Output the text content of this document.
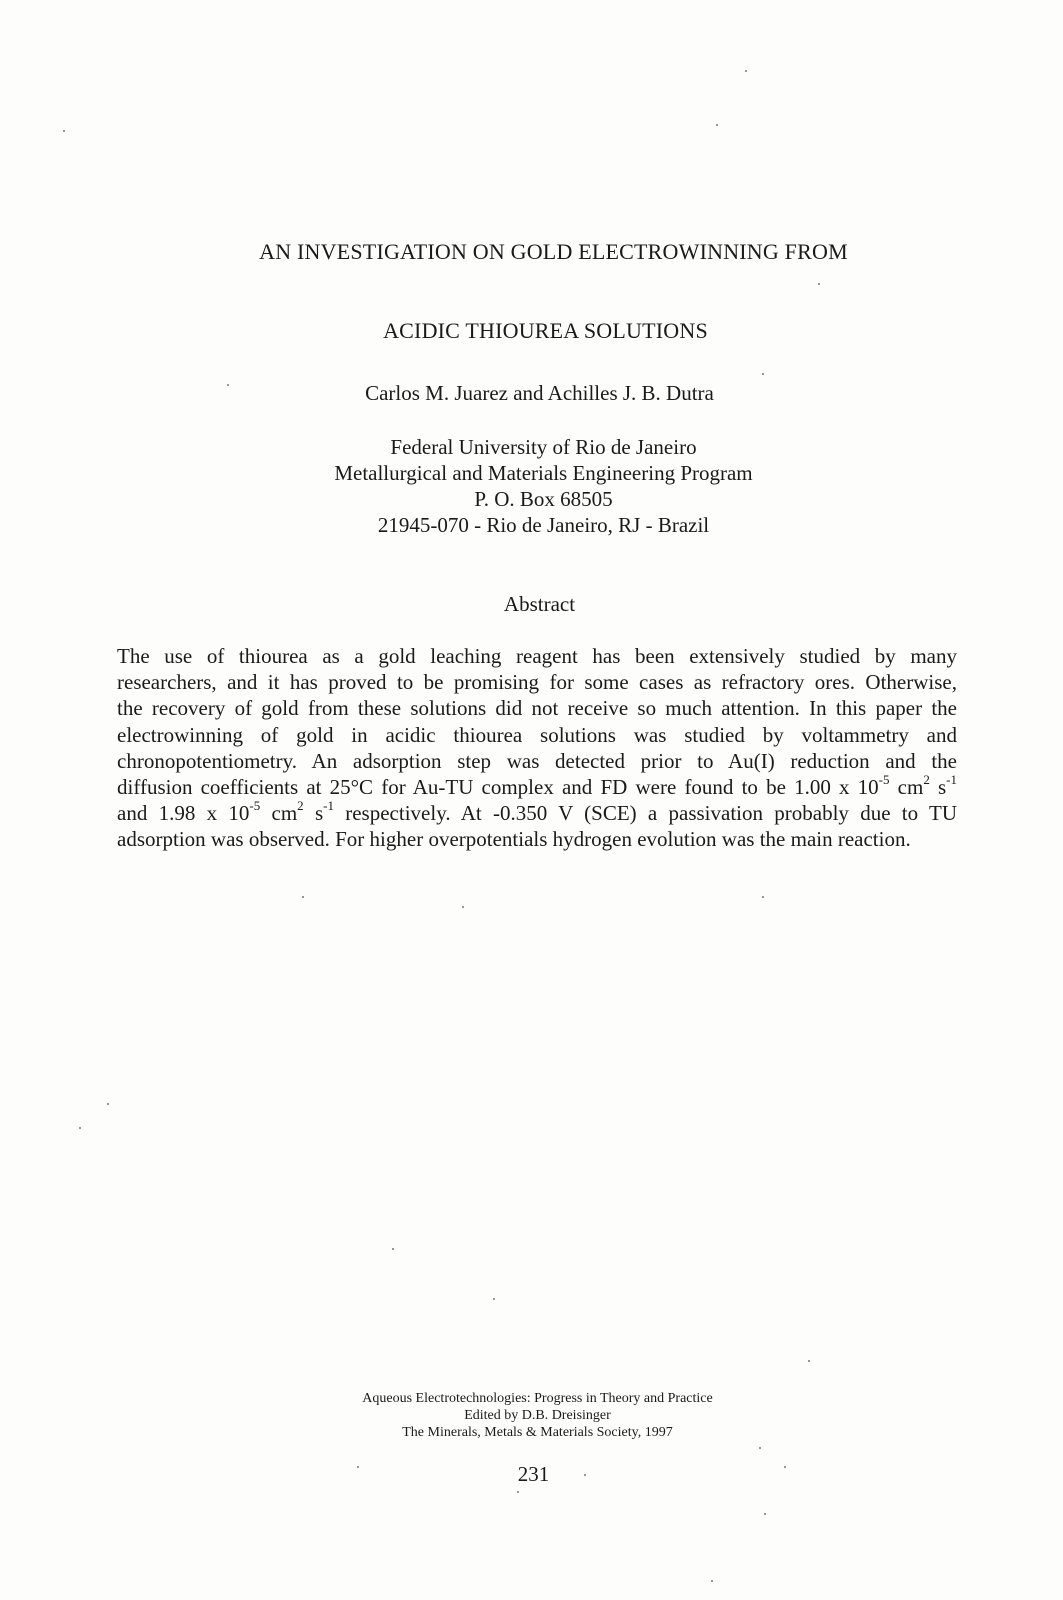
AN INVESTIGATION ON GOLD ELECTROWINNING FROM
ACIDIC THIOUREA SOLUTIONS
Carlos M. Juarez and Achilles J. B. Dutra
Federal University of Rio de Janeiro
Metallurgical and Materials Engineering Program
P. O. Box 68505
21945-070 - Rio de Janeiro, RJ - Brazil
Abstract
The use of thiourea as a gold leaching reagent has been extensively studied by many
researchers, and it has proved to be promising for some cases as refractory ores. Otherwise,
the recovery of gold from these solutions did not receive so much attention. In this paper the
electrowinning of gold in acidic thiourea solutions was studied by voltammetry and
chronopotentiometry. An adsorption step was detected prior to Au(I) reduction and the
diffusion coefficients at 25°C for Au-TU complex and FD were found to be 1.00 x $10^{-5}$ $cm^2$ $s^{-1}$
and 1.98 x $10^{-5}$ $cm^2$ $s^{-1}$ respectively. At -0.350 V (SCE) a passivation probably due to TU
adsorption was observed. For higher overpotentials hydrogen evolution was the main reaction.
Aqueous Electrotechnologies: Progress in Theory and Practice
Edited by D.B. Dreisinger
The Minerals, Metals & Materials Society, 1997
231
